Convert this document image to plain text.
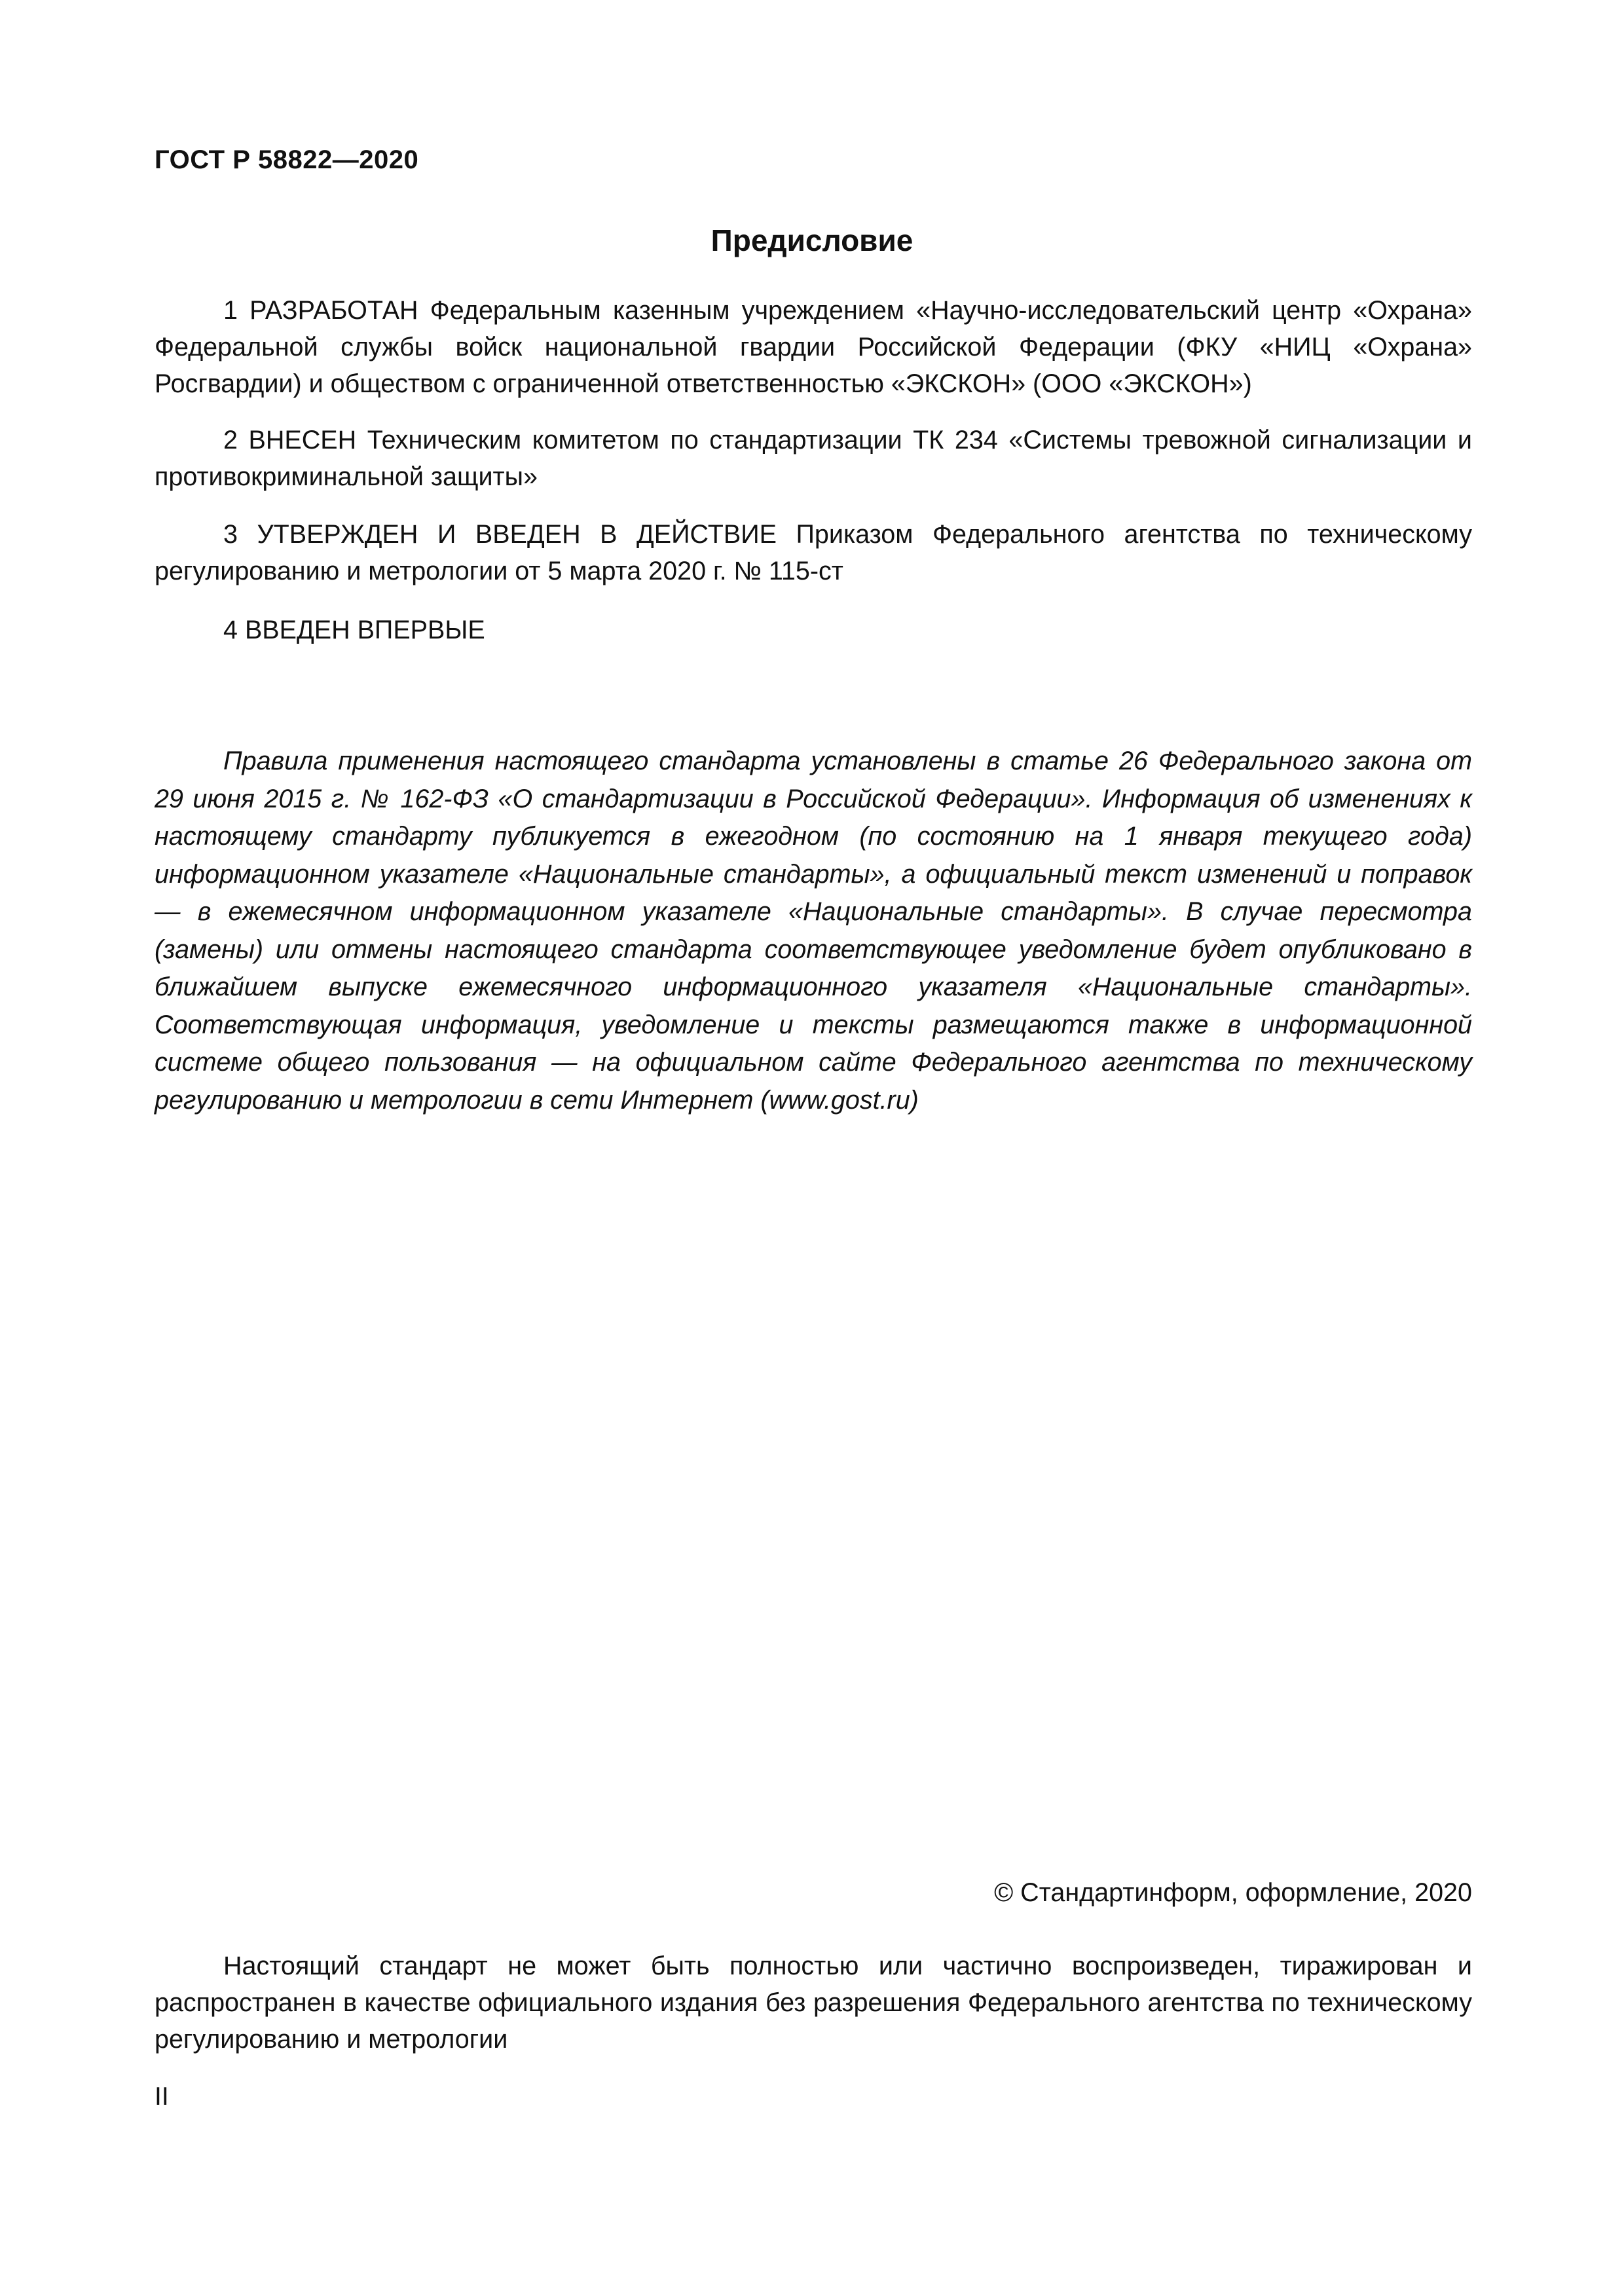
ГОСТ Р 58822—2020
Предисловие

1 РАЗРАБОТАН Федеральным казенным учреждением «Научно-исследовательский центр «Охрана» Федеральной службы войск национальной гвардии Российской Федерации (ФКУ «НИЦ «Охрана» Росгвардии) и обществом с ограниченной ответственностью «ЭКСКОН» (ООО «ЭКСКОН»)

2 ВНЕСЕН Техническим комитетом по стандартизации ТК 234 «Системы тревожной сигнализации и противокриминальной защиты»

3 УТВЕРЖДЕН И ВВЕДЕН В ДЕЙСТВИЕ Приказом Федерального агентства по техническому регулированию и метрологии от 5 марта 2020 г. № 115-ст

4 ВВЕДЕН ВПЕРВЫЕ

Правила применения настоящего стандарта установлены в статье 26 Федерального закона от 29 июня 2015 г. № 162-ФЗ «О стандартизации в Российской Федерации». Информация об изменениях к настоящему стандарту публикуется в ежегодном (по состоянию на 1 января текущего года) информационном указателе «Национальные стандарты», а официальный текст изменений и поправок — в ежемесячном информационном указателе «Национальные стандарты». В случае пересмотра (замены) или отмены настоящего стандарта соответствующее уведомление будет опубликовано в ближайшем выпуске ежемесячного информационного указателя «Национальные стандарты». Соответствующая информация, уведомление и тексты размещаются также в информационной системе общего пользования — на официальном сайте Федерального агентства по техническому регулированию и метрологии в сети Интернет (www.gost.ru)

© Стандартинформ, оформление, 2020

Настоящий стандарт не может быть полностью или частично воспроизведен, тиражирован и распространен в качестве официального издания без разрешения Федерального агентства по техническому регулированию и метрологии

II
